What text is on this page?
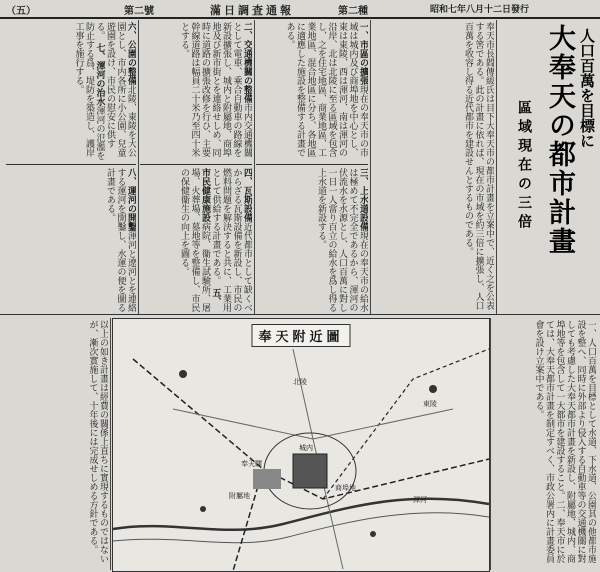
（五）	第二號	滿日調査通報	第二種	昭和七年八月十二日發行
人口百萬を目標に
大奉天の都市計畫
區域現在の三倍
奉天市長閻傳紱氏は目下大奉天市の都市計畫を立案中で、近く之を公表する筈である。此の計畫に依れば、現在の市域を約三倍に擴張し、人口百萬を收容し得る近代都市を建設せんとするものである。
一、市區の擴張現在の奉天市の市域は城内及び商埠地を中心とし、東は東陵、西は渾河、南は渾河の沿岸、北は北陵に至る區域を包含し、之を住宅地區、商業地區、工業地區、混合地區に分ち、各地區に適應した施設を整備する計畫である。
三、上水道設備現在の奉天市の給水は極めて不完全であるから、渾河の伏流水を水源とし、人口百萬に對し一日一人當り百立の給水を爲し得る上水道を新設する。
二、交通機關の整備市内交通機關として電車、乘合自動車の路線を新設擴張し、城内と附屬地、商埠地及び新市街とを連絡せしめ、同時に道路の擴張改修を行ひ、主要幹線道路は幅員二十米乃至四十米とする。
四、瓦斯設備近代都市として缺くべからざる瓦斯設備を新設し、市民の燃料問題を解決すると共に、工業用として供給する計畫である。 五、市民健康施設病院、衞生試驗所、屠場、火葬場、墓地等を整備し、市民の保健衞生の向上を圖る。
六、公園の整備北陵、東陵を大公園とし、市内各所に小公園、兒童遊園を設け、市民の慰安に供する。 七、渾河の治水渾河の氾濫を防止する爲、堤防を築造し、護岸工事を施行する。
八、運河の開鑿渾河と遼河とを連絡する運河を開鑿し、水運の便を圖る計畫である。
一、人口百萬を目標として水道、下水道、公園其の他都市施設を整へ、同時に外部より侵入する自動車等の交通機關に對しても考慮した大奉天都市計畫を新設し、附屬地、城内、商埠地等を包含して一大都市を建設すること。二、奉天市に於ては、大奉天都市計畫を制定すべく、市政公署内に計畫委員會を設け立案中である。
以上の如き計畫は經費の關係上直ちに實現するものではないが、漸次實施して、十年後には完成せしめる方針である。	奉天附近圖
北陵
東陵
城内
商埠地
附屬地	渾河
奉天驛
